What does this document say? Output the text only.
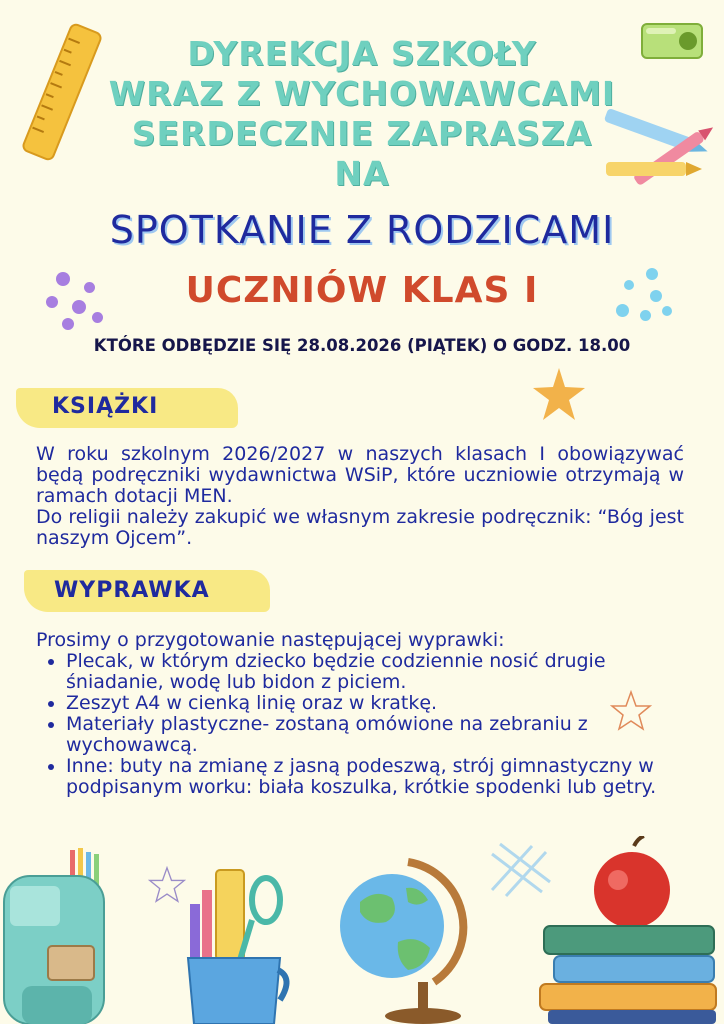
DYREKCJA SZKOŁY
WRAZ Z WYCHOWAWCAMI
SERDECZNIE ZAPRASZA
NA
SPOTKANIE Z RODZICAMI
UCZNIÓW KLAS I
KTÓRE ODBĘDZIE SIĘ 28.08.2026 (PIĄTEK) O GODZ. 18.00
KSIĄŻKI
W roku szkolnym 2026/2027 w naszych klasach I obowiązywać będą podręczniki wydawnictwa WSiP, które uczniowie otrzymają w ramach dotacji MEN.
Do religii należy zakupić we własnym zakresie podręcznik: “Bóg jest naszym Ojcem”.
WYPRAWKA
Prosimy o przygotowanie następującej wyprawki:
• Plecak, w którym dziecko będzie codziennie nosić drugie śniadanie, wodę lub bidon z piciem.
• Zeszyt A4 w cienką linię oraz w kratkę.
• Materiały plastyczne- zostaną omówione na zebraniu z wychowawcą.
• Inne: buty na zmianę z jasną podeszwą, strój gimnastyczny w podpisanym worku: biała koszulka, krótkie spodenki lub getry.
